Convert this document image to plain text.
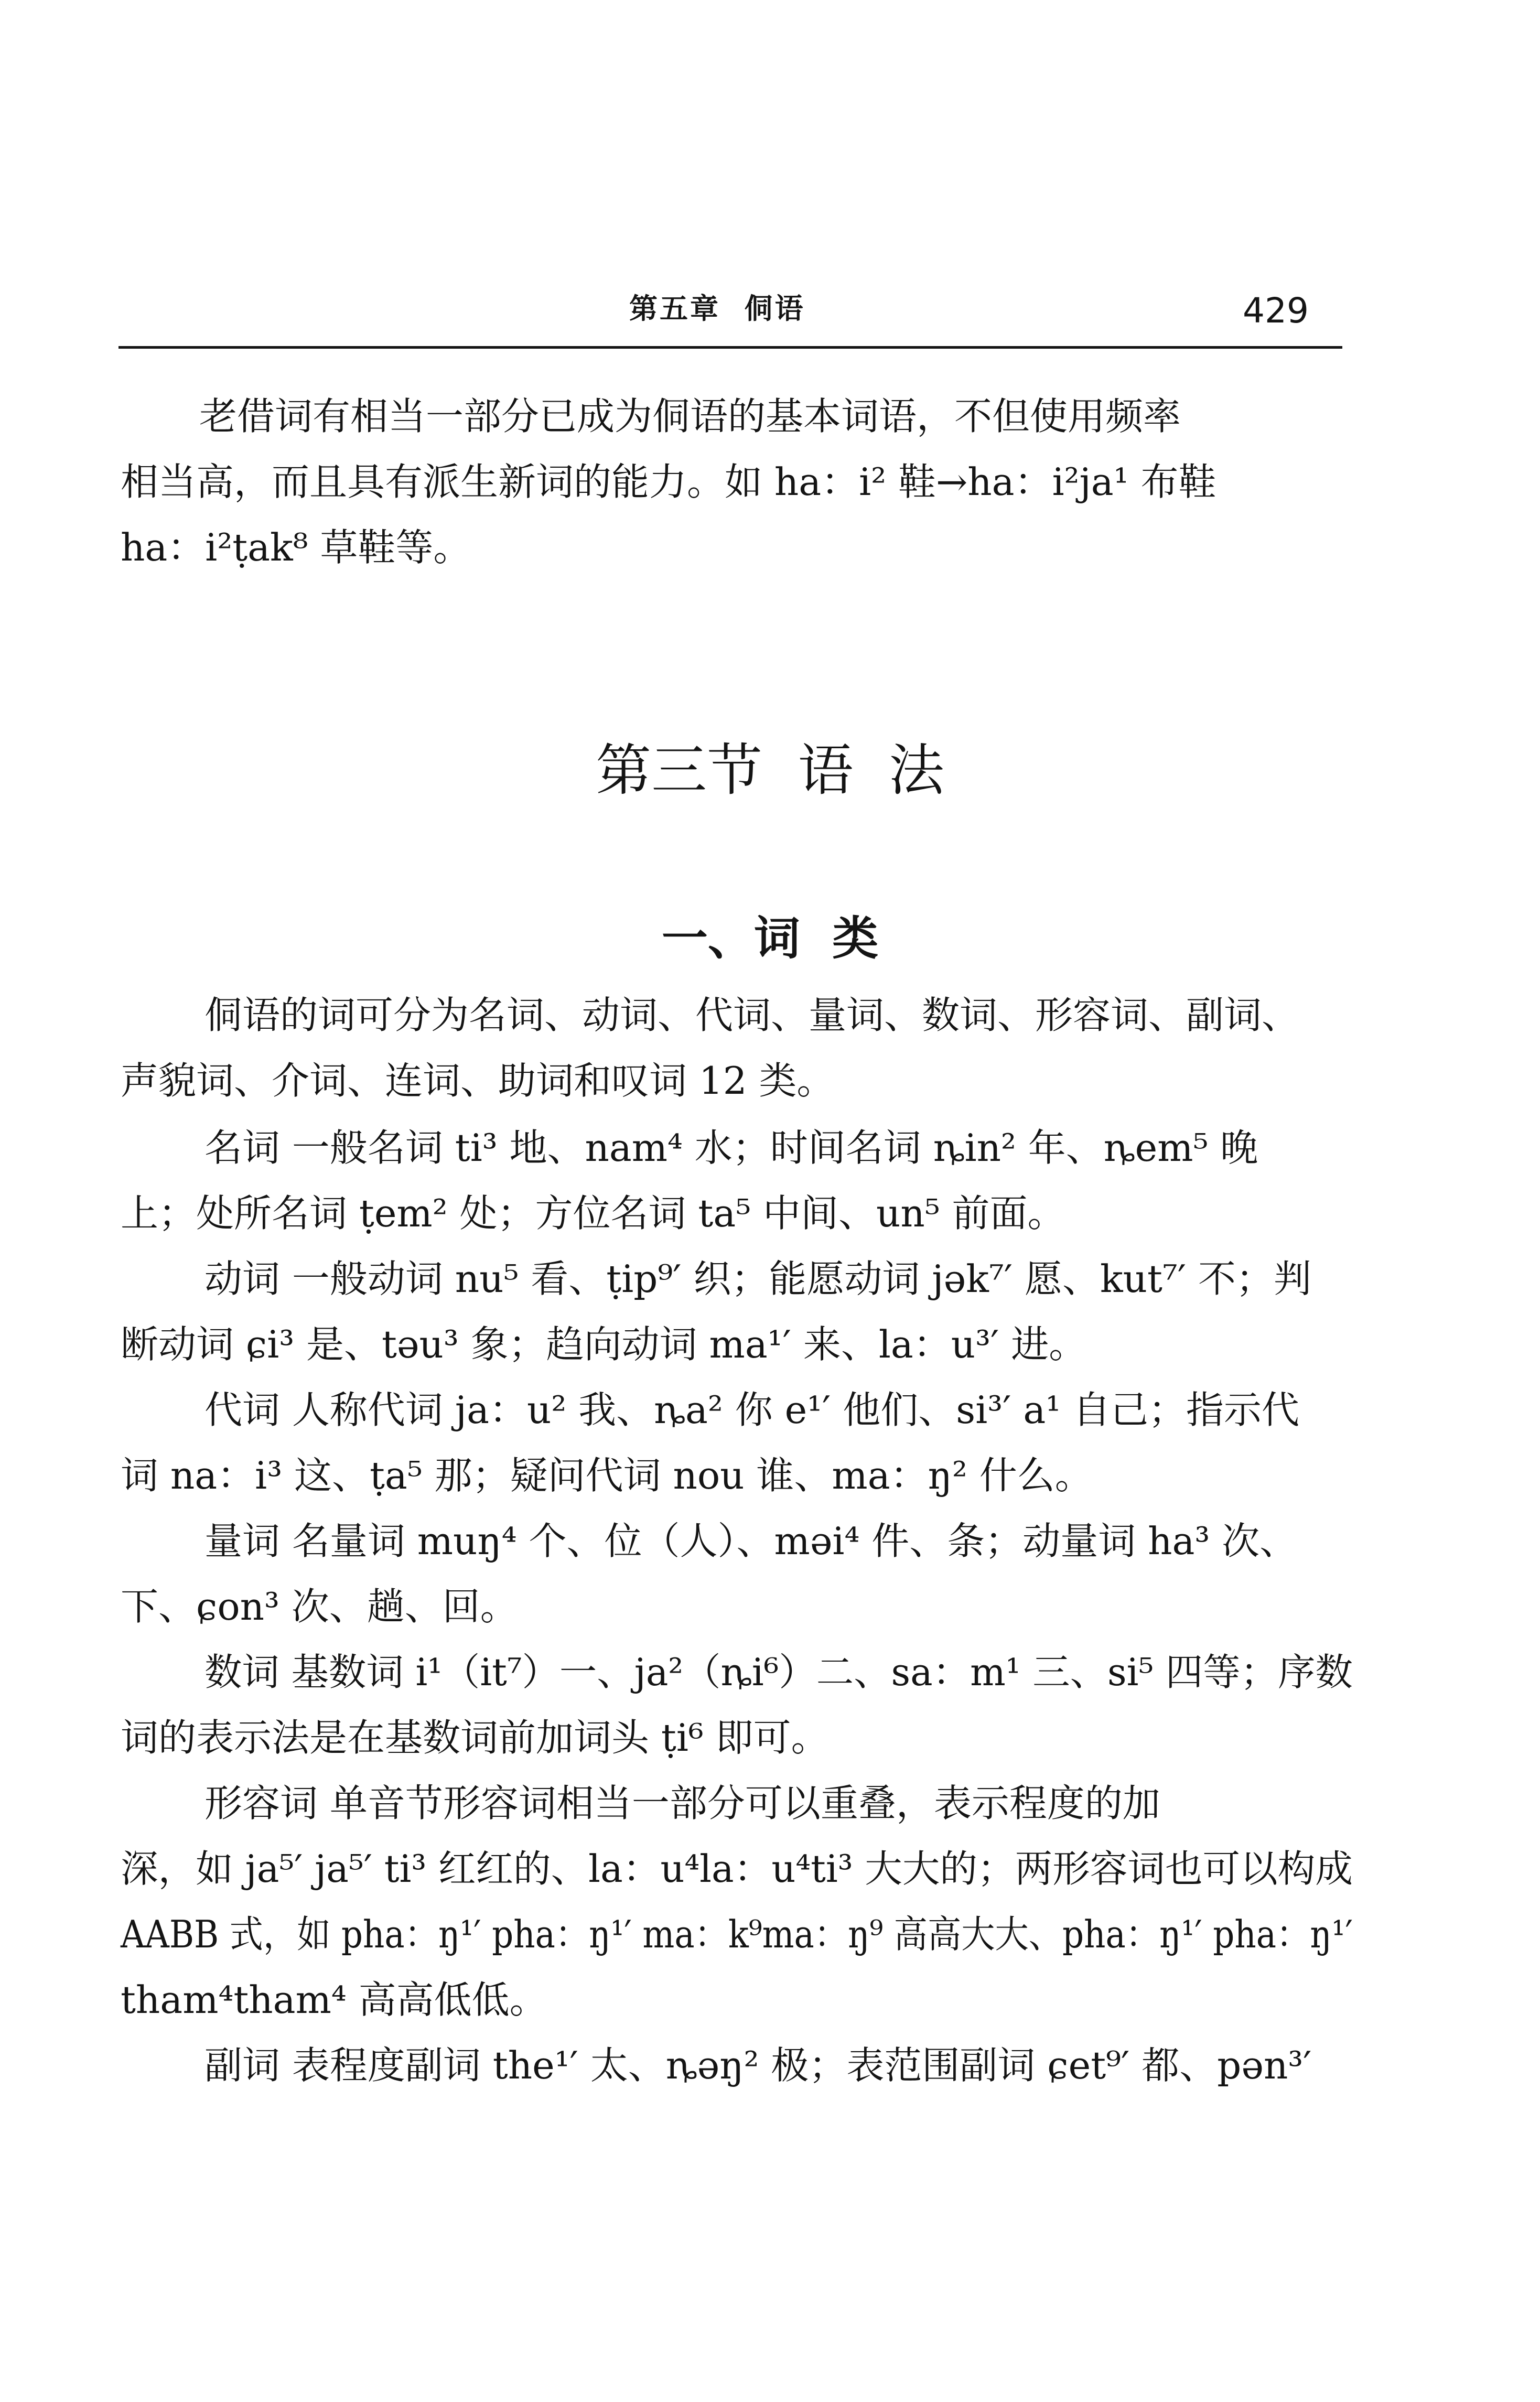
第五章  侗语	429
老借词有相当一部分已成为侗语的基本词语，不但使用频率
相当高，而且具有派生新词的能力。如 ha：i² 鞋→ha：i²ja¹ 布鞋
ha：i²ṭak⁸ 草鞋等。
第三节  语  法
一、词  类
侗语的词可分为名词、动词、代词、量词、数词、形容词、副词、
声貌词、介词、连词、助词和叹词 12 类。
名词 一般名词 ti³ 地、nam⁴ 水；时间名词 ȵin² 年、ȵem⁵ 晚
上；处所名词 ṭem² 处；方位名词 ta⁵ 中间、un⁵ 前面。
动词 一般动词 nu⁵ 看、ṭip⁹′ 织；能愿动词 jək⁷′ 愿、kut⁷′ 不；判
断动词 ɕi³ 是、təu³ 象；趋向动词 ma¹′ 来、la：u³′ 进。
代词 人称代词 ja：u² 我、ȵa² 你 e¹′ 他们、si³′ a¹ 自己；指示代
词 na：i³ 这、ṭa⁵ 那；疑问代词 nou 谁、ma：ŋ² 什么。
量词 名量词 muŋ⁴ 个、位（人）、məi⁴ 件、条；动量词 ha³ 次、
下、ɕon³ 次、趟、回。
数词 基数词 i¹（it⁷）一、ja²（ȵi⁶）二、sa：m¹ 三、si⁵ 四等；序数
词的表示法是在基数词前加词头 ṭi⁶ 即可。
形容词 单音节形容词相当一部分可以重叠，表示程度的加
深，如 ja⁵′ ja⁵′ ti³ 红红的、la：u⁴la：u⁴ti³ 大大的；两形容词也可以构成
AABB 式，如 pha：ŋ¹′ pha：ŋ¹′ ma：k⁹ma：ŋ⁹ 高高大大、pha：ŋ¹′ pha：ŋ¹′
tham⁴tham⁴ 高高低低。
副词 表程度副词 the¹′ 太、ȵəŋ² 极；表范围副词 ɕet⁹′ 都、pən³′
